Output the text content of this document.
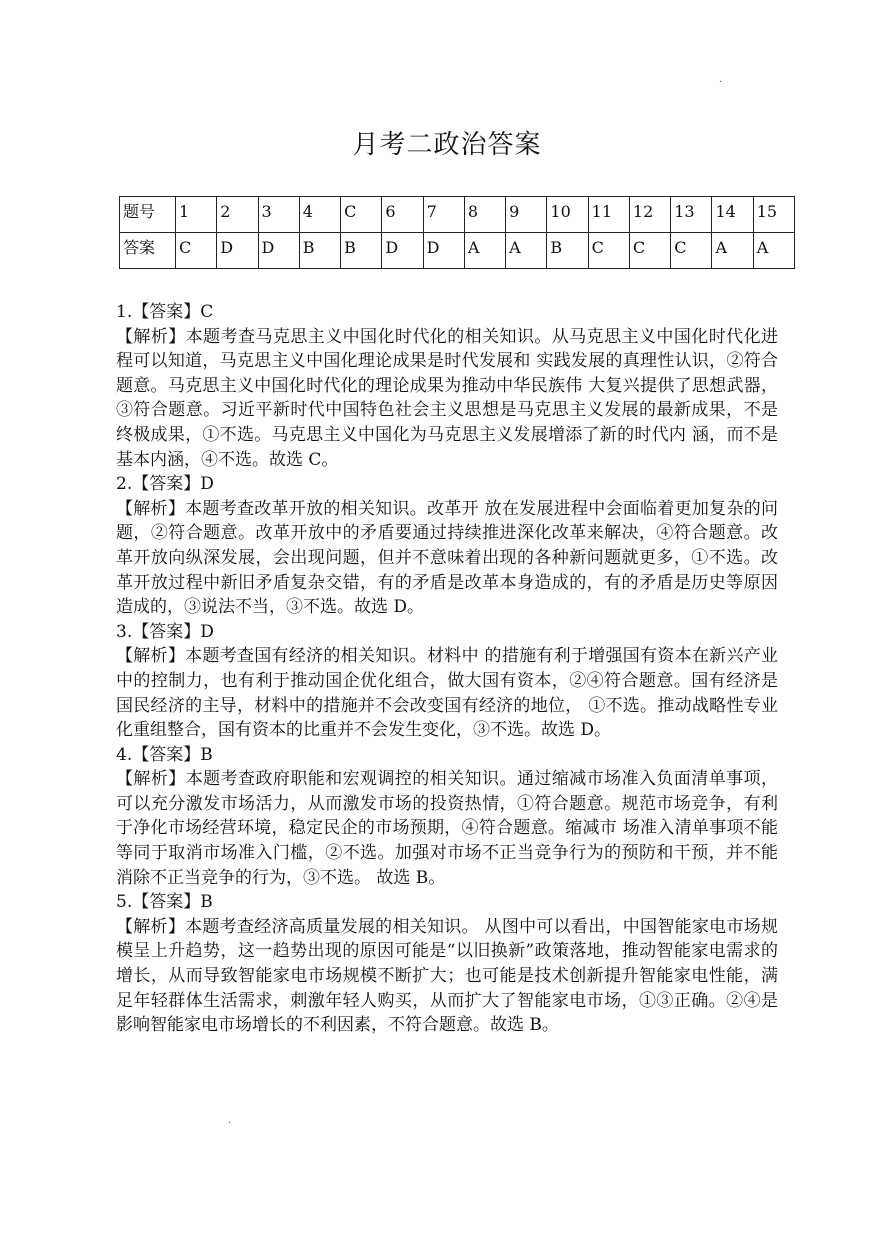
.
月考二政治答案
题号	1	2	3	4	C	6	7	8	9	10	11	12	13	14	15
答案	C	D	D	B	B	D	D	A	A	B	C	C	C	A	A

1.【答案】C

【解析】本题考查马克思主义中国化时代化的相关知识。从马克思主义中国化时代化进程可以知道，马克思主义中国化理论成果是时代发展和 实践发展的真理性认识，②符合题意。马克思主义中国化时代化的理论成果为推动中华民族伟 大复兴提供了思想武器，③符合题意。习近平新时代中国特色社会主义思想是马克思主义发展的最新成果，不是终极成果，①不选。马克思主义中国化为马克思主义发展增添了新的时代内 涵，而不是基本内涵，④不选。故选 C。

2.【答案】D

【解析】本题考查改革开放的相关知识。改革开 放在发展进程中会面临着更加复杂的问题，②符合题意。改革开放中的矛盾要通过持续推进深化改革来解决，④符合题意。改革开放向纵深发展，会出现问题，但并不意味着出现的各种新问题就更多，①不选。改革开放过程中新旧矛盾复杂交错，有的矛盾是改革本身造成的，有的矛盾是历史等原因造成的，③说法不当，③不选。故选 D。

3.【答案】D

【解析】本题考查国有经济的相关知识。材料中 的措施有利于增强国有资本在新兴产业中的控制力，也有利于推动国企优化组合，做大国有资本，②④符合题意。国有经济是国民经济的主导，材料中的措施并不会改变国有经济的地位， ①不选。推动战略性专业化重组整合，国有资本的比重并不会发生变化，③不选。故选 D。

4.【答案】B

【解析】本题考查政府职能和宏观调控的相关知识。通过缩减市场准入负面清单事项，可以充分激发市场活力，从而激发市场的投资热情，①符合题意。规范市场竞争，有利于净化市场经营环境，稳定民企的市场预期，④符合题意。缩减市 场准入清单事项不能等同于取消市场准入门槛，②不选。加强对市场不正当竞争行为的预防和干预，并不能消除不正当竞争的行为，③不选。 故选 B。

5.【答案】B

【解析】本题考查经济高质量发展的相关知识。 从图中可以看出，中国智能家电市场规模呈上升趋势，这一趋势出现的原因可能是“以旧换新”政策落地，推动智能家电需求的增长，从而导致智能家电市场规模不断扩大；也可能是技术创新提升智能家电性能，满足年轻群体生活需求，刺激年轻人购买，从而扩大了智能家电市场，①③正确。②④是影响智能家电市场增长的不利因素，不符合题意。故选 B。

.
